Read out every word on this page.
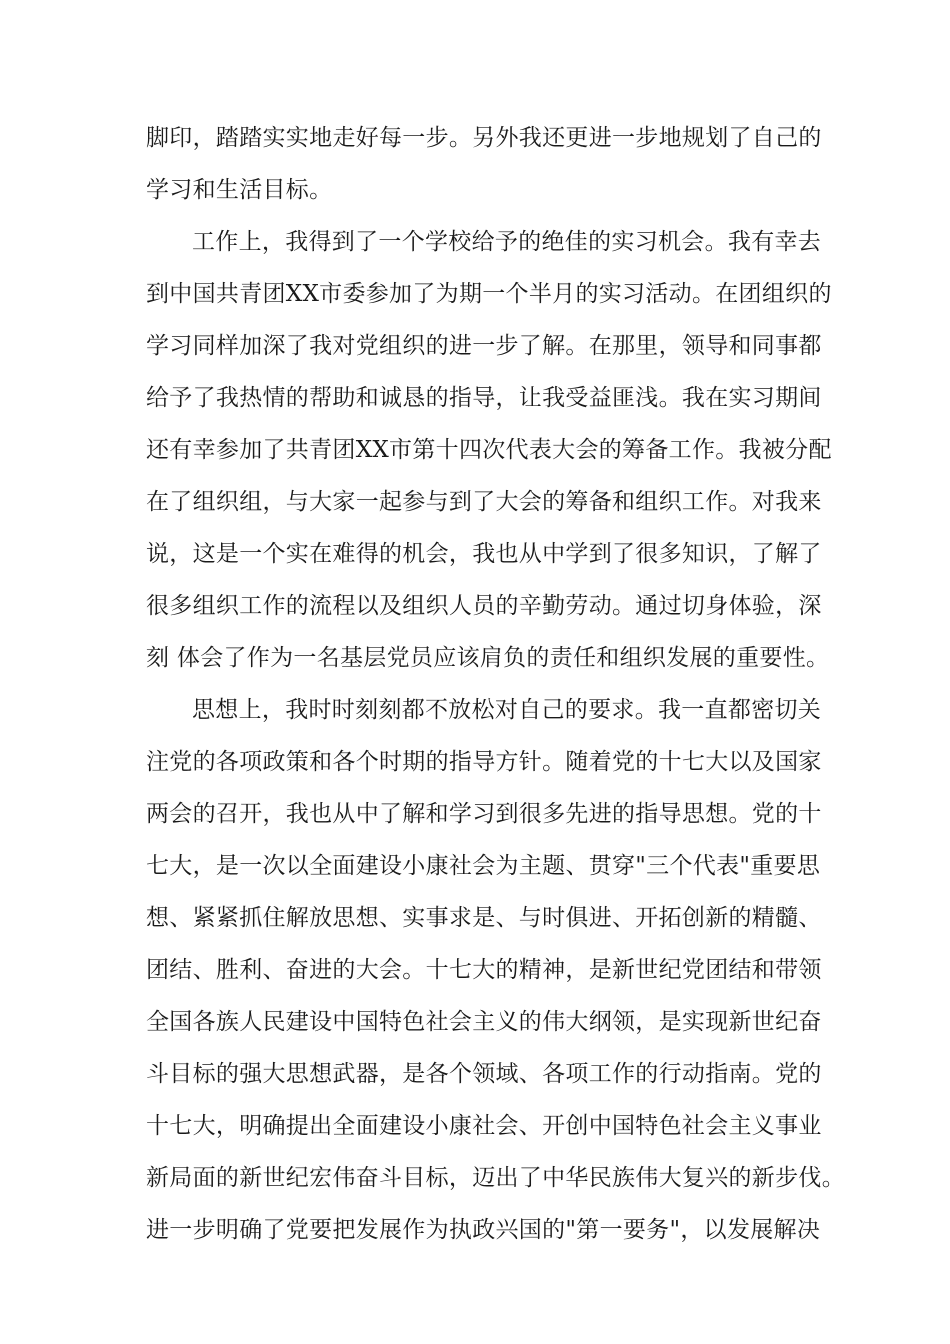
脚印，踏踏实实地走好每一步。另外我还更进一步地规划了自己的
学习和生活目标。
工作上，我得到了一个学校给予的绝佳的实习机会。我有幸去
到中国共青团XX市委参加了为期一个半月的实习活动。在团组织的
学习同样加深了我对党组织的进一步了解。在那里，领导和同事都
给予了我热情的帮助和诚恳的指导，让我受益匪浅。我在实习期间
还有幸参加了共青团XX市第十四次代表大会的筹备工作。我被分配
在了组织组，与大家一起参与到了大会的筹备和组织工作。对我来
说，这是一个实在难得的机会，我也从中学到了很多知识，了解了
很多组织工作的流程以及组织人员的辛勤劳动。通过切身体验，深
刻 体会了作为一名基层党员应该肩负的责任和组织发展的重要性。
思想上，我时时刻刻都不放松对自己的要求。我一直都密切关
注党的各项政策和各个时期的指导方针。随着党的十七大以及国家
两会的召开，我也从中了解和学习到很多先进的指导思想。党的十
七大，是一次以全面建设小康社会为主题、贯穿"三个代表"重要思
想、紧紧抓住解放思想、实事求是、与时俱进、开拓创新的精髓、
团结、胜利、奋进的大会。十七大的精神，是新世纪党团结和带领
全国各族人民建设中国特色社会主义的伟大纲领，是实现新世纪奋
斗目标的强大思想武器，是各个领域、各项工作的行动指南。党的
十七大，明确提出全面建设小康社会、开创中国特色社会主义事业
新局面的新世纪宏伟奋斗目标，迈出了中华民族伟大复兴的新步伐。
进一步明确了党要把发展作为执政兴国的"第一要务"，以发展解决
